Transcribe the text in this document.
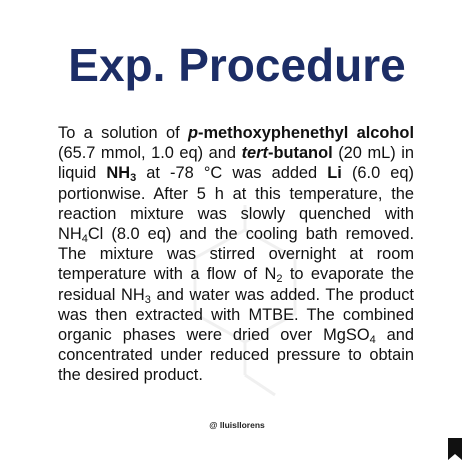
Exp. Procedure
To a solution of p-methoxyphenethyl alcohol (65.7 mmol, 1.0 eq) and tert-butanol (20 mL) in liquid $NH_3$ at -78 °C was added Li (6.0 eq) portionwise. After 5 h at this temperature, the reaction mixture was slowly quenched with $NH_4Cl$ (8.0 eq) and the cooling bath removed. The mixture was stirred overnight at room temperature with a flow of $N_2$ to evaporate the residual $NH_3$ and water was added. The product was then extracted with MTBE. The combined organic phases were dried over MgSO$_4$ and concentrated under reduced pressure to obtain the desired product.
@ lluisllorens
